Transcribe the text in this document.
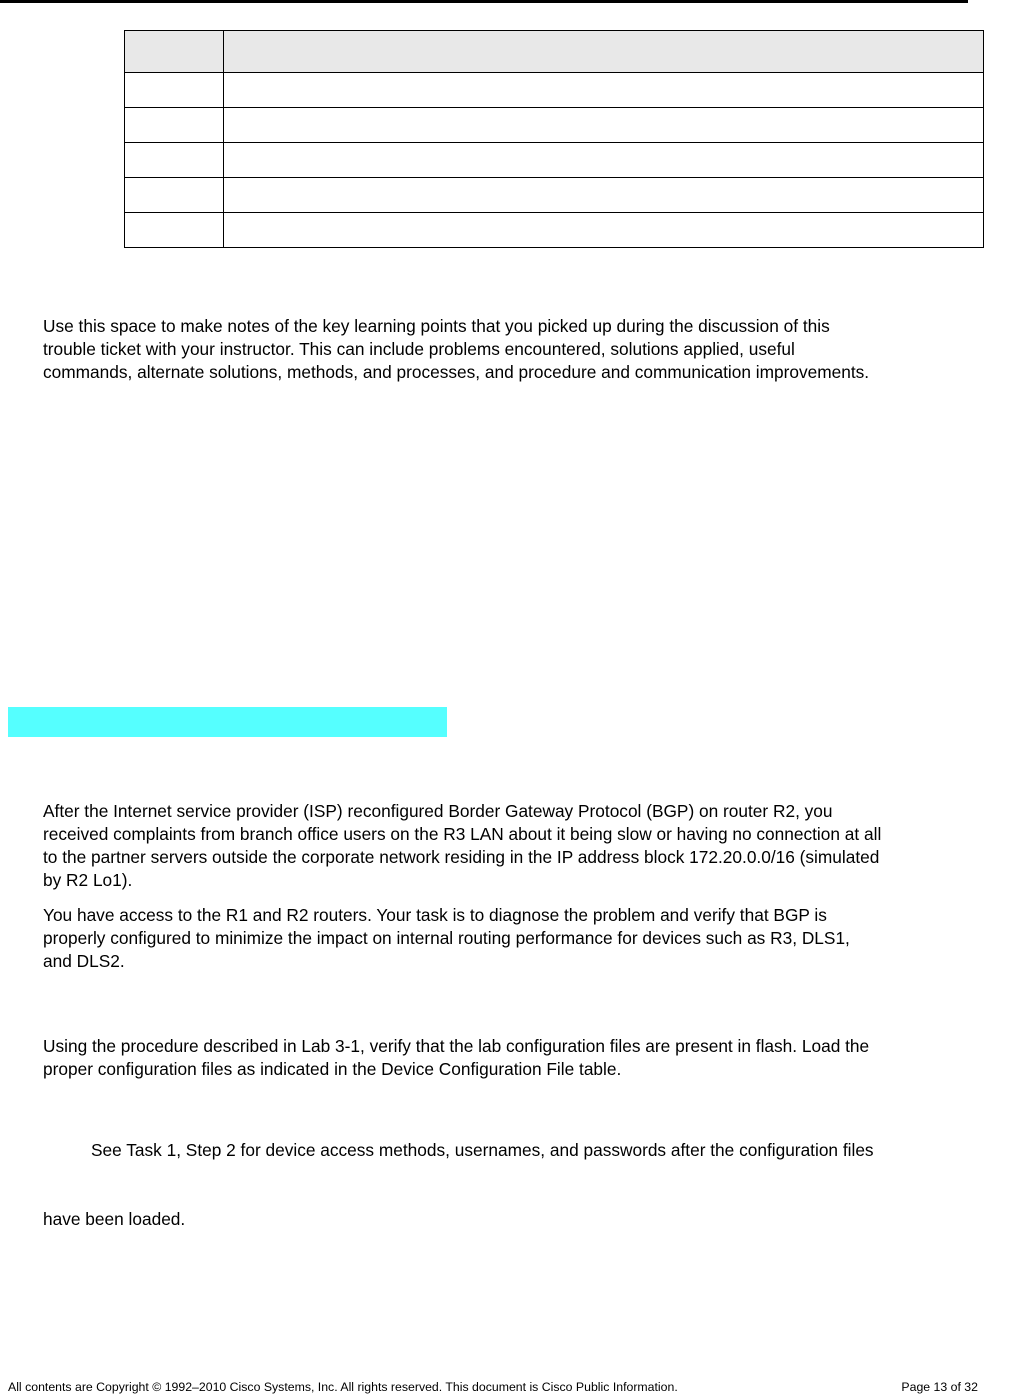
Use this space to make notes of the key learning points that you picked up during the discussion of this
trouble ticket with your instructor. This can include problems encountered, solutions applied, useful
commands, alternate solutions, methods, and processes, and procedure and communication improvements.

After the Internet service provider (ISP) reconfigured Border Gateway Protocol (BGP) on router R2, you
received complaints from branch office users on the R3 LAN about it being slow or having no connection at all
to the partner servers outside the corporate network residing in the IP address block 172.20.0.0/16 (simulated
by R2 Lo1).

You have access to the R1 and R2 routers. Your task is to diagnose the problem and verify that BGP is
properly configured to minimize the impact on internal routing performance for devices such as R3, DLS1,
and DLS2.

Using the procedure described in Lab 3-1, verify that the lab configuration files are present in flash. Load the
proper configuration files as indicated in the Device Configuration File table.

See Task 1, Step 2 for device access methods, usernames, and passwords after the configuration files

have been loaded.

All contents are Copyright © 1992–2010 Cisco Systems, Inc. All rights reserved. This document is Cisco Public Information.	Page 13 of 32
